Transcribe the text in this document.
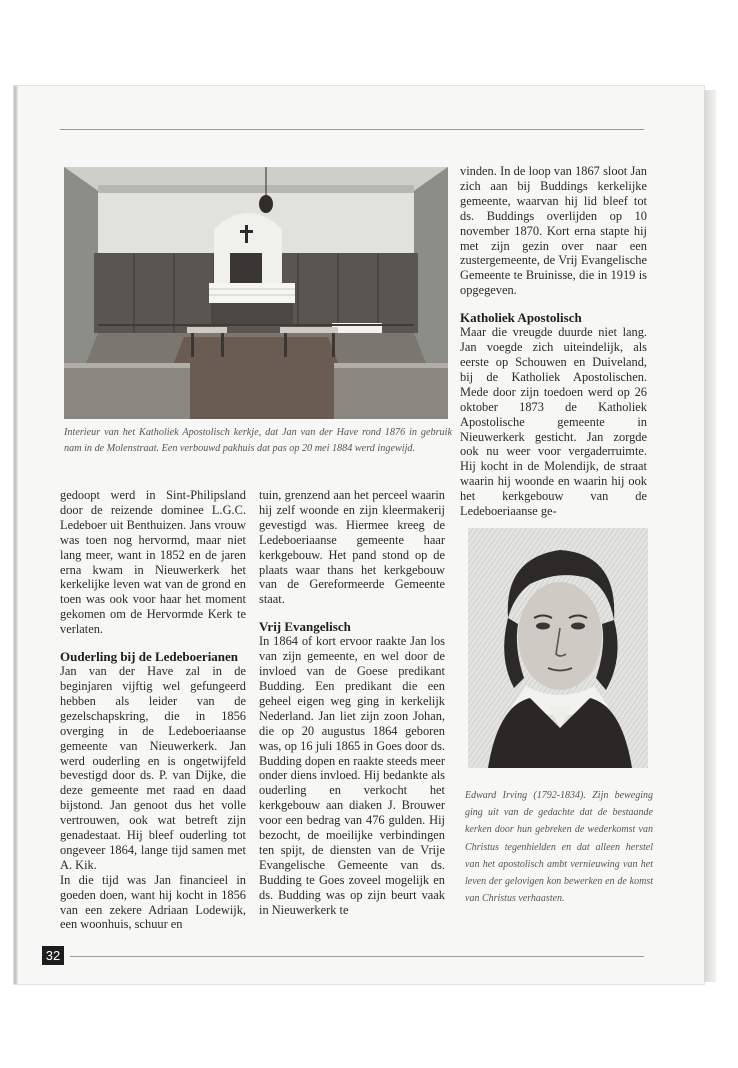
Interieur van het Katholiek Apostolisch kerkje, dat Jan van der Have rond 1876 in gebruik nam in de Molenstraat. Een verbouwd pakhuis dat pas op 20 mei 1884 werd ingewijd.

gedoopt werd in Sint-Philipsland door de reizende dominee L.G.C. Ledeboer uit Benthuizen. Jans vrouw was toen nog hervormd, maar niet lang meer, want in 1852 en de jaren erna kwam in Nieuwerkerk het kerkelijke leven wat van de grond en toen was ook voor haar het moment gekomen om de Hervormde Kerk te verlaten.

Ouderling bij de Ledeboerianen

Jan van der Have zal in de beginjaren vijftig wel gefungeerd hebben als leider van de gezelschapskring, die in 1856 overging in de Ledeboeriaanse gemeente van Nieuwerkerk. Jan werd ouderling en is ongetwijfeld bevestigd door ds. P. van Dijke, die deze gemeente met raad en daad bijstond. Jan genoot dus het volle vertrouwen, ook wat betreft zijn genadestaat. Hij bleef ouderling tot ongeveer 1864, lange tijd samen met A. Kik.

In die tijd was Jan financieel in goeden doen, want hij kocht in 1856 van een zekere Adriaan Lodewijk, een woonhuis, schuur en

tuin, grenzend aan het perceel waarin hij zelf woonde en zijn kleermakerij gevestigd was. Hiermee kreeg de Ledeboeriaanse gemeente haar kerkgebouw. Het pand stond op de plaats waar thans het kerkgebouw van de Gereformeerde Gemeente staat.

Vrij Evangelisch

In 1864 of kort ervoor raakte Jan los van zijn gemeente, en wel door de invloed van de Goese predikant Budding. Een predikant die een geheel eigen weg ging in kerkelijk Nederland. Jan liet zijn zoon Johan, die op 20 augustus 1864 geboren was, op 16 juli 1865 in Goes door ds. Budding dopen en raakte steeds meer onder diens invloed. Hij bedankte als ouderling en verkocht het kerkgebouw aan diaken J. Brouwer voor een bedrag van 476 gulden. Hij bezocht, de moeilijke verbindingen ten spijt, de diensten van de Vrije Evangelische Gemeente van ds. Budding te Goes zoveel mogelijk en ds. Budding was op zijn beurt vaak in Nieuwerkerk te

vinden. In de loop van 1867 sloot Jan zich aan bij Buddings kerkelijke gemeente, waarvan hij lid bleef tot ds. Buddings overlijden op 10 november 1870. Kort erna stapte hij met zijn gezin over naar een zustergemeente, de Vrij Evangelische Gemeente te Bruinisse, die in 1919 is opgegeven.

Katholiek Apostolisch

Maar die vreugde duurde niet lang. Jan voegde zich uiteindelijk, als eerste op Schouwen en Duiveland, bij de Katholiek Apostolischen. Mede door zijn toedoen werd op 26 oktober 1873 de Katholiek Apostolische gemeente in Nieuwerkerk gesticht. Jan zorgde ook nu weer voor vergaderruimte. Hij kocht in de Molendijk, de straat waarin hij woonde en waarin hij ook het kerkgebouw van de Ledeboeriaanse ge-

Edward Irving (1792-1834). Zijn beweging ging uit van de gedachte dat de bestaande kerken door hun gebreken de wederkomst van Christus tegenhielden en dat alleen herstel van het apostolisch ambt vernieuwing van het leven der gelovigen kon bewerken en de komst van Christus verhaasten.
32
